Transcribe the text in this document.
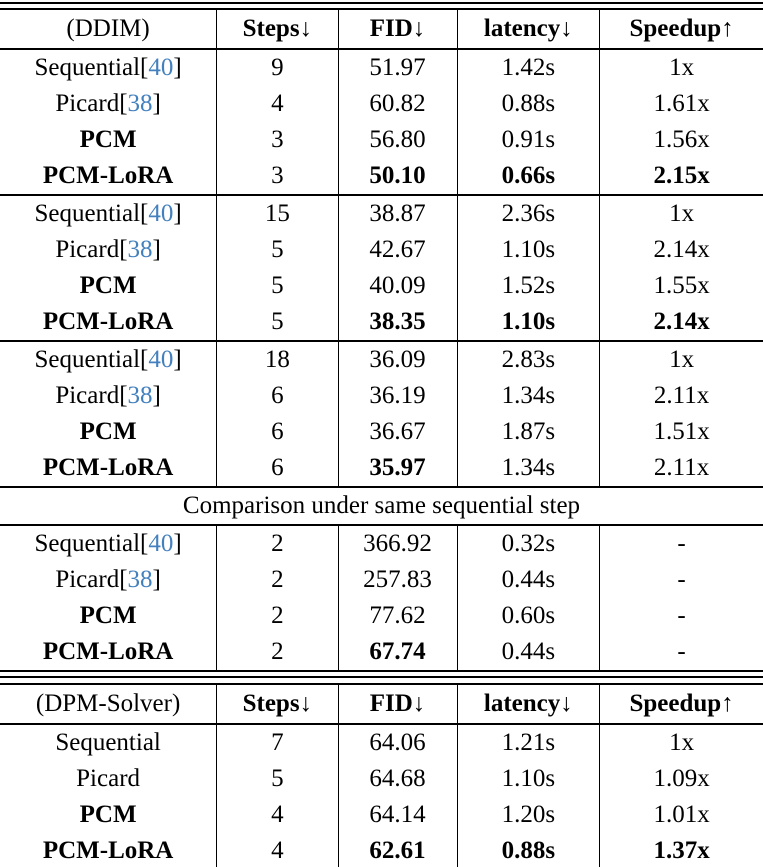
(DDIM)	Steps↓	FID↓	latency↓	Speedup↑
Sequential[40]	9	51.97	1.42s	1x
Picard[38]	4	60.82	0.88s	1.61x
PCM	3	56.80	0.91s	1.56x
PCM-LoRA	3	50.10	0.66s	2.15x
Sequential[40]	15	38.87	2.36s	1x
Picard[38]	5	42.67	1.10s	2.14x
PCM	5	40.09	1.52s	1.55x
PCM-LoRA	5	38.35	1.10s	2.14x
Sequential[40]	18	36.09	2.83s	1x
Picard[38]	6	36.19	1.34s	2.11x
PCM	6	36.67	1.87s	1.51x
PCM-LoRA	6	35.97	1.34s	2.11x
Comparison under same sequential step				
Sequential[40]	2	366.92	0.32s	-
Picard[38]	2	257.83	0.44s	-
PCM	2	77.62	0.60s	-
PCM-LoRA	2	67.74	0.44s	-
(DPM-Solver)	Steps↓	FID↓	latency↓	Speedup↑
Sequential	7	64.06	1.21s	1x
Picard	5	64.68	1.10s	1.09x
PCM	4	64.14	1.20s	1.01x
PCM-LoRA	4	62.61	0.88s	1.37x
